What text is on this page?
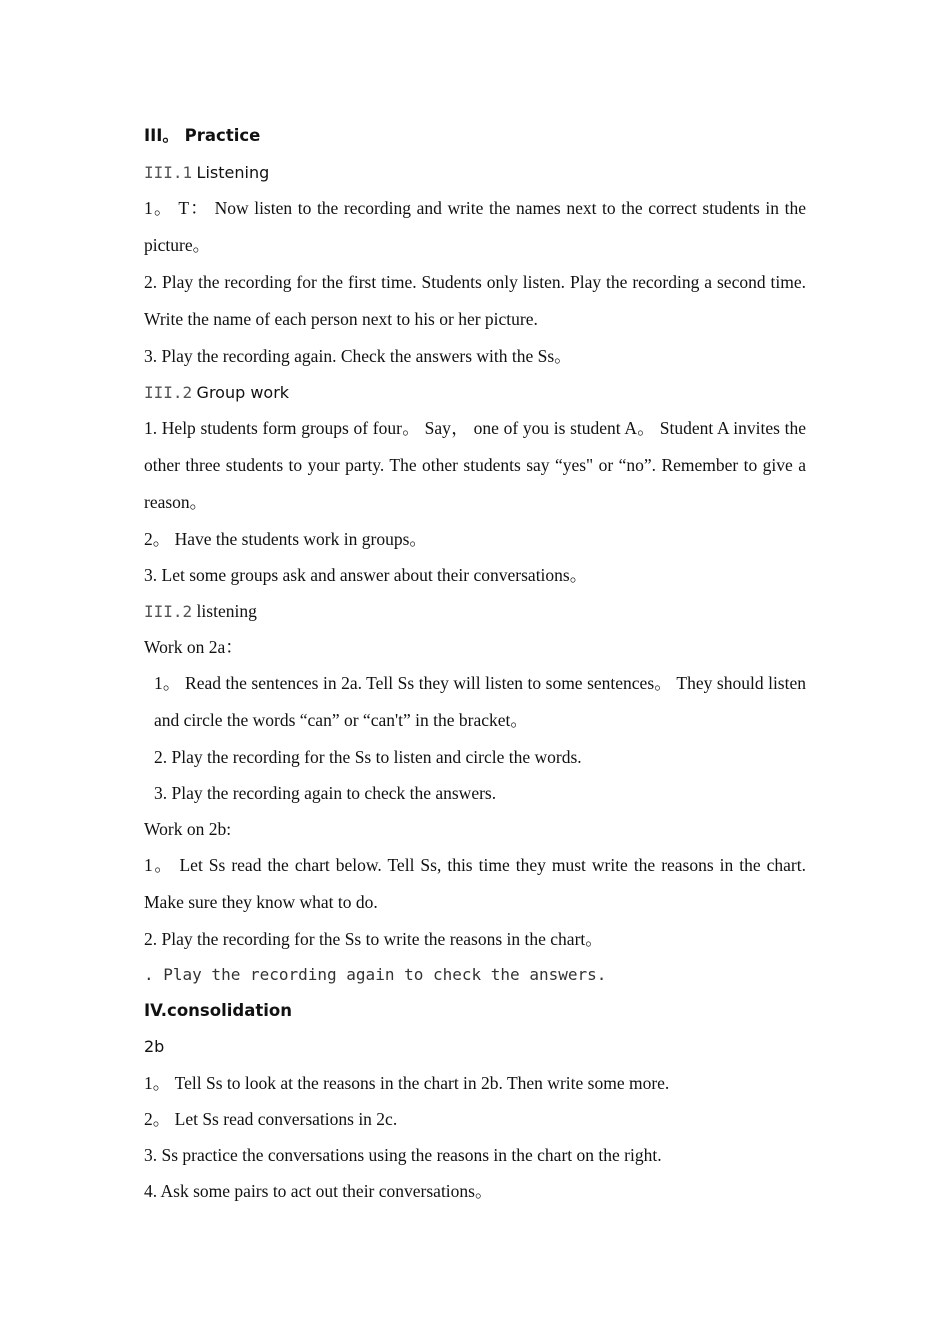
III。 Practice
III.1 Listening
1。 T： Now listen to the recording and write the names next to the correct students in the picture。
2. Play the recording for the first time. Students only listen. Play the recording a second time. Write the name of each person next to his or her picture.
3. Play the recording again. Check the answers with the Ss。
III.2 Group work
1. Help students form groups of four。 Say， one of you is student A。 Student A invites the other three students to your party. The other students say “yes" or “no”. Remember to give a reason。
2。 Have the students work in groups。
3. Let some groups ask and answer about their conversations。
III.2 listening
Work on 2a：
1。 Read the sentences in 2a. Tell Ss they will listen to some sentences。 They should listen and circle the words “can” or “can't” in the bracket。
2. Play the recording for the Ss to listen and circle the words.
3. Play the recording again to check the answers.
Work on 2b:
1。 Let Ss read the chart below. Tell Ss, this time they must write the reasons in the chart. Make sure they know what to do.
2. Play the recording for the Ss to write the reasons in the chart。
. Play the recording again to check the answers.
IV.consolidation
2b
1。 Tell Ss to look at the reasons in the chart in 2b. Then write some more.
2。 Let Ss read conversations in 2c.
3. Ss practice the conversations using the reasons in the chart on the right.
4. Ask some pairs to act out their conversations。
